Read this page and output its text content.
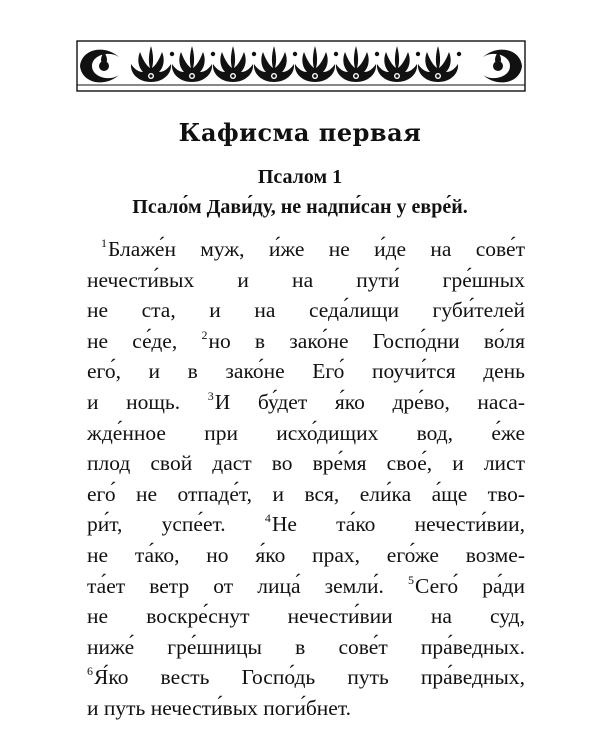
Кафисма первая
Псалом 1
Псало́м Дави́ду, не надпи́сан у евре́й.
$^1$Блаже́н муж, и́же не и́де на сове́т
нечести́вых и на пути́ гре́шных
не ста, и на седа́лищи губи́телей
не се́де, $^2$но в зако́не Госпо́дни во́ля
его́, и в зако́не Его́ поучи́тся день
и нощь. $^3$И бу́дет я́ко дре́во, наса-
жде́нное при исхо́дищих вод, е́же
плод свой даст во вре́мя свое́, и лист
его́ не отпаде́т, и вся, ели́ка а́ще тво-
ри́т, успе́ет.	$^4$Не та́ко нечести́вии,
не та́ко, но я́ко прах, его́же возме-
та́ет ветр от лица́ земли́. $^5$Сего́ ра́ди
не воскре́снут нечести́вии на суд,
ниже́ гре́шницы в сове́т пра́ведных.
$^6$Я́ко весть Госпо́дь путь пра́ведных,
и путь нечести́вых поги́бнет.
